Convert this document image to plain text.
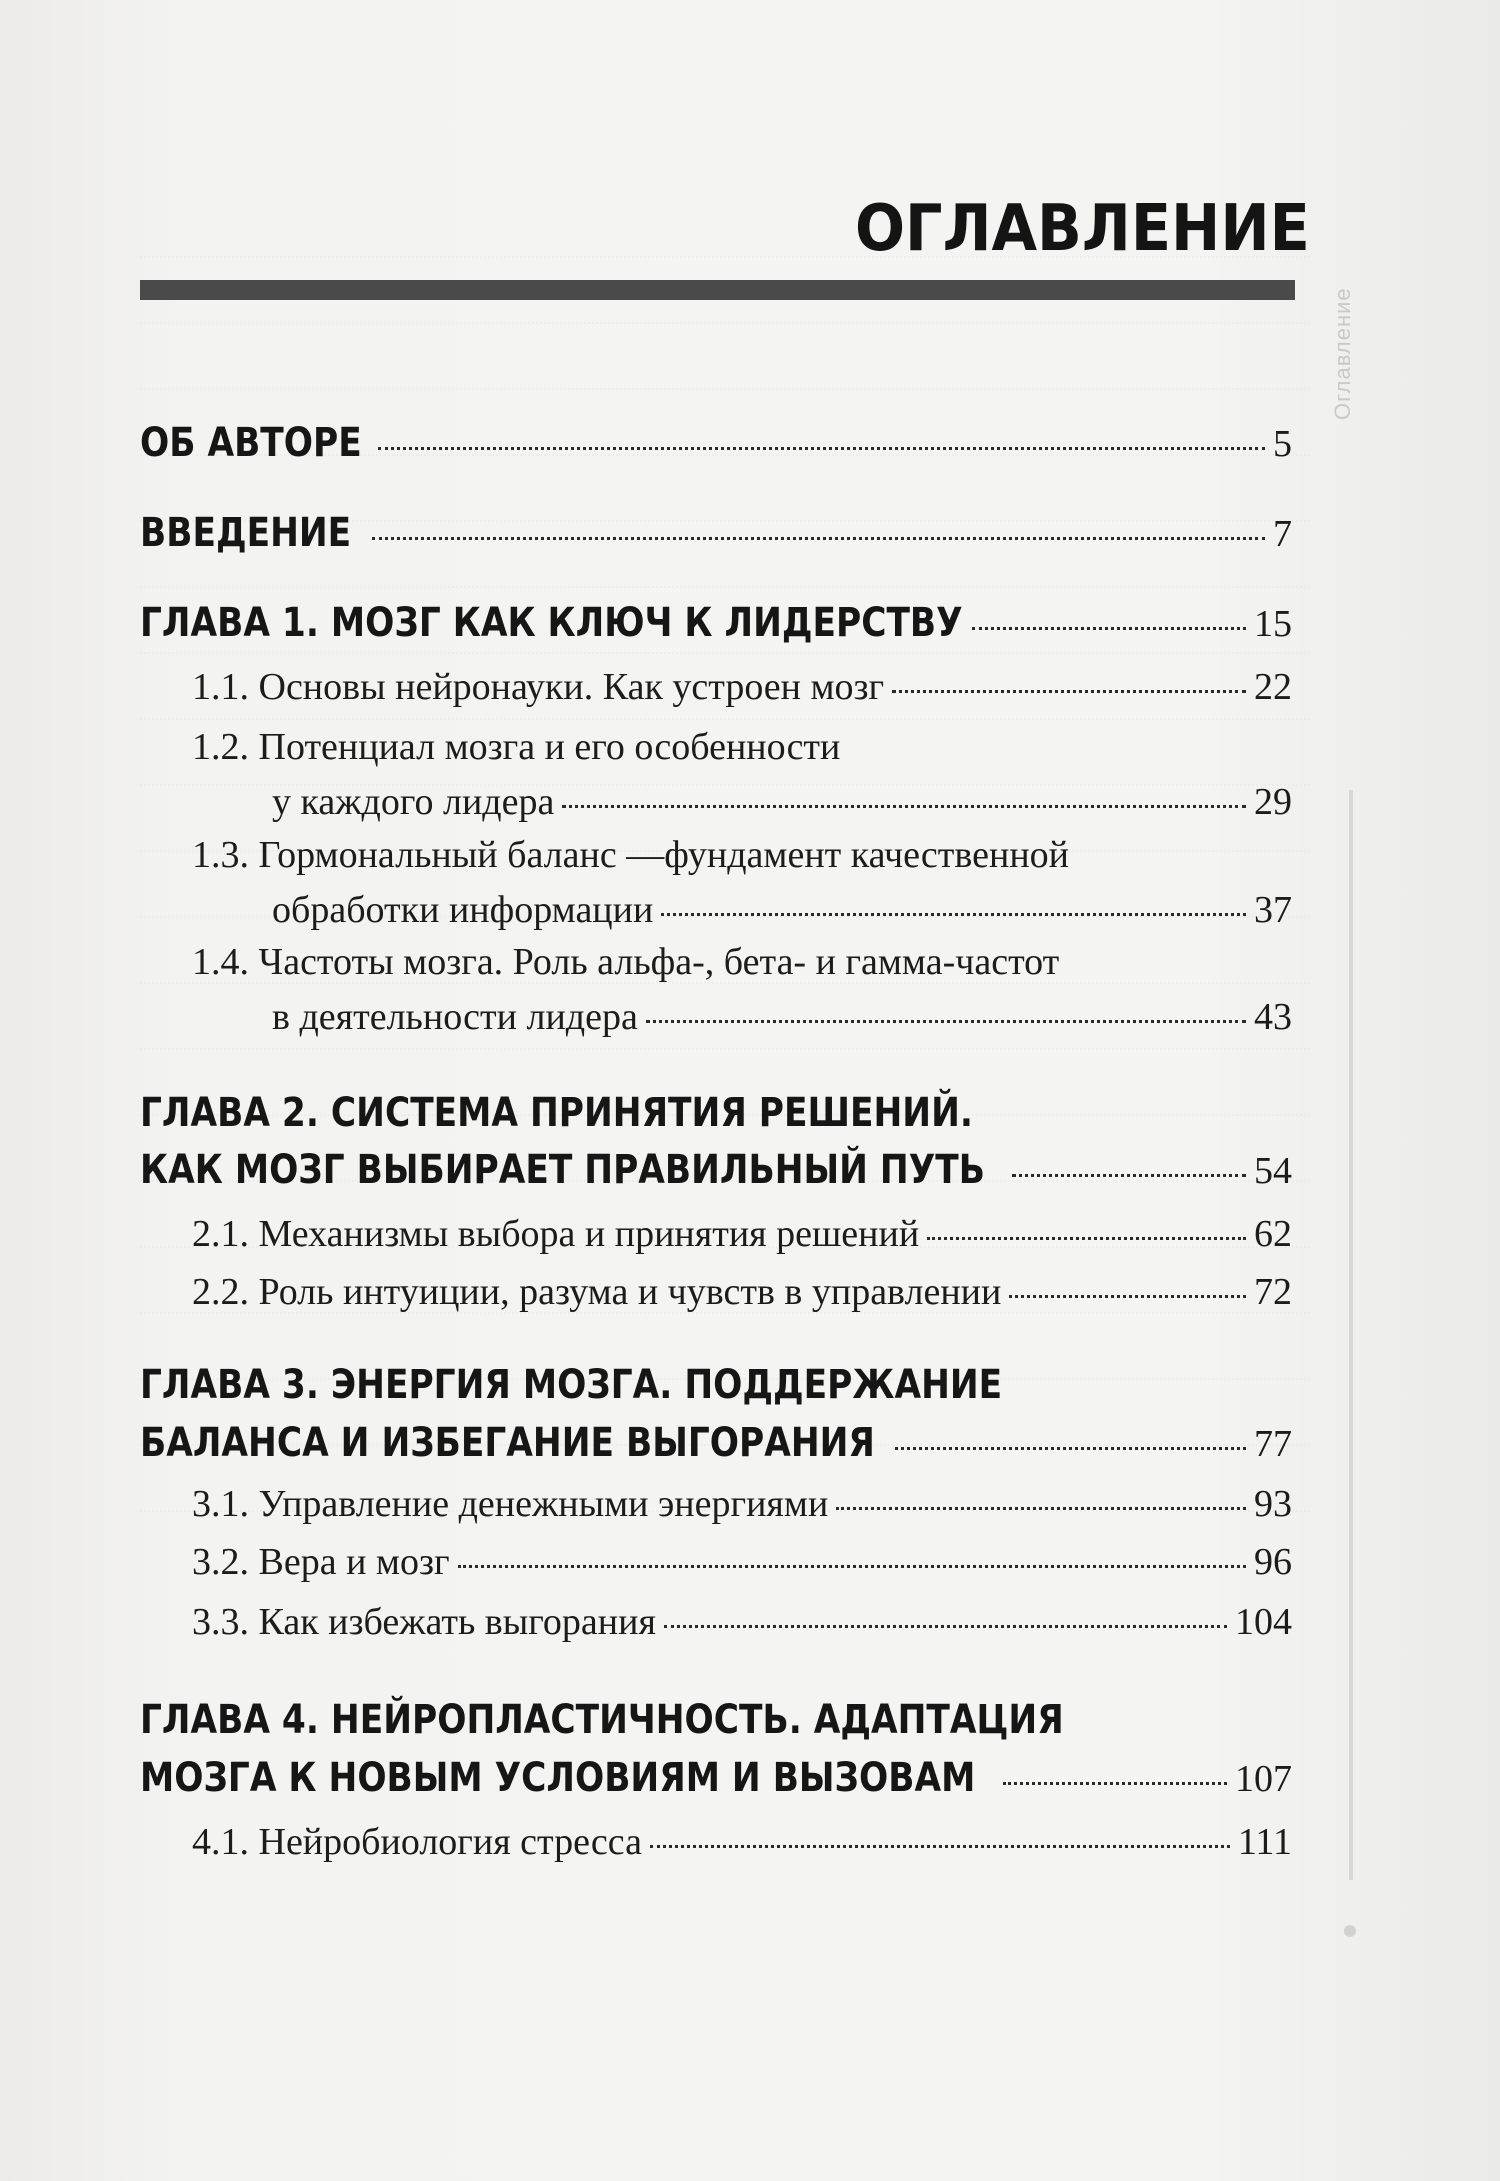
Оглавление
ОГЛАВЛЕНИЕ
ОБ АВТОРЕ	5
ВВЕДЕНИЕ	7
ГЛАВА 1. МОЗГ КАК КЛЮЧ К ЛИДЕРСТВУ	15
1.1. Основы нейронауки. Как устроен мозг	22
1.2. Потенциал мозга и его особенности
у каждого лидера	29
1.3. Гормональный баланс —фундамент качественной
обработки информации	37
1.4. Частоты мозга. Роль альфа-, бета- и гамма-частот
в деятельности лидера	43
ГЛАВА 2. СИСТЕМА ПРИНЯТИЯ РЕШЕНИЙ.
КАК МОЗГ ВЫБИРАЕТ ПРАВИЛЬНЫЙ ПУТЬ	54
2.1. Механизмы выбора и принятия решений	62
2.2. Роль интуиции, разума и чувств в управлении	72
ГЛАВА 3. ЭНЕРГИЯ МОЗГА. ПОДДЕРЖАНИЕ
БАЛАНСА И ИЗБЕГАНИЕ ВЫГОРАНИЯ	77
3.1. Управление денежными энергиями	93
3.2. Вера и мозг	96
3.3. Как избежать выгорания	104
ГЛАВА 4. НЕЙРОПЛАСТИЧНОСТЬ. АДАПТАЦИЯ
МОЗГА К НОВЫМ УСЛОВИЯМ И ВЫЗОВАМ	107
4.1. Нейробиология стресса	111
